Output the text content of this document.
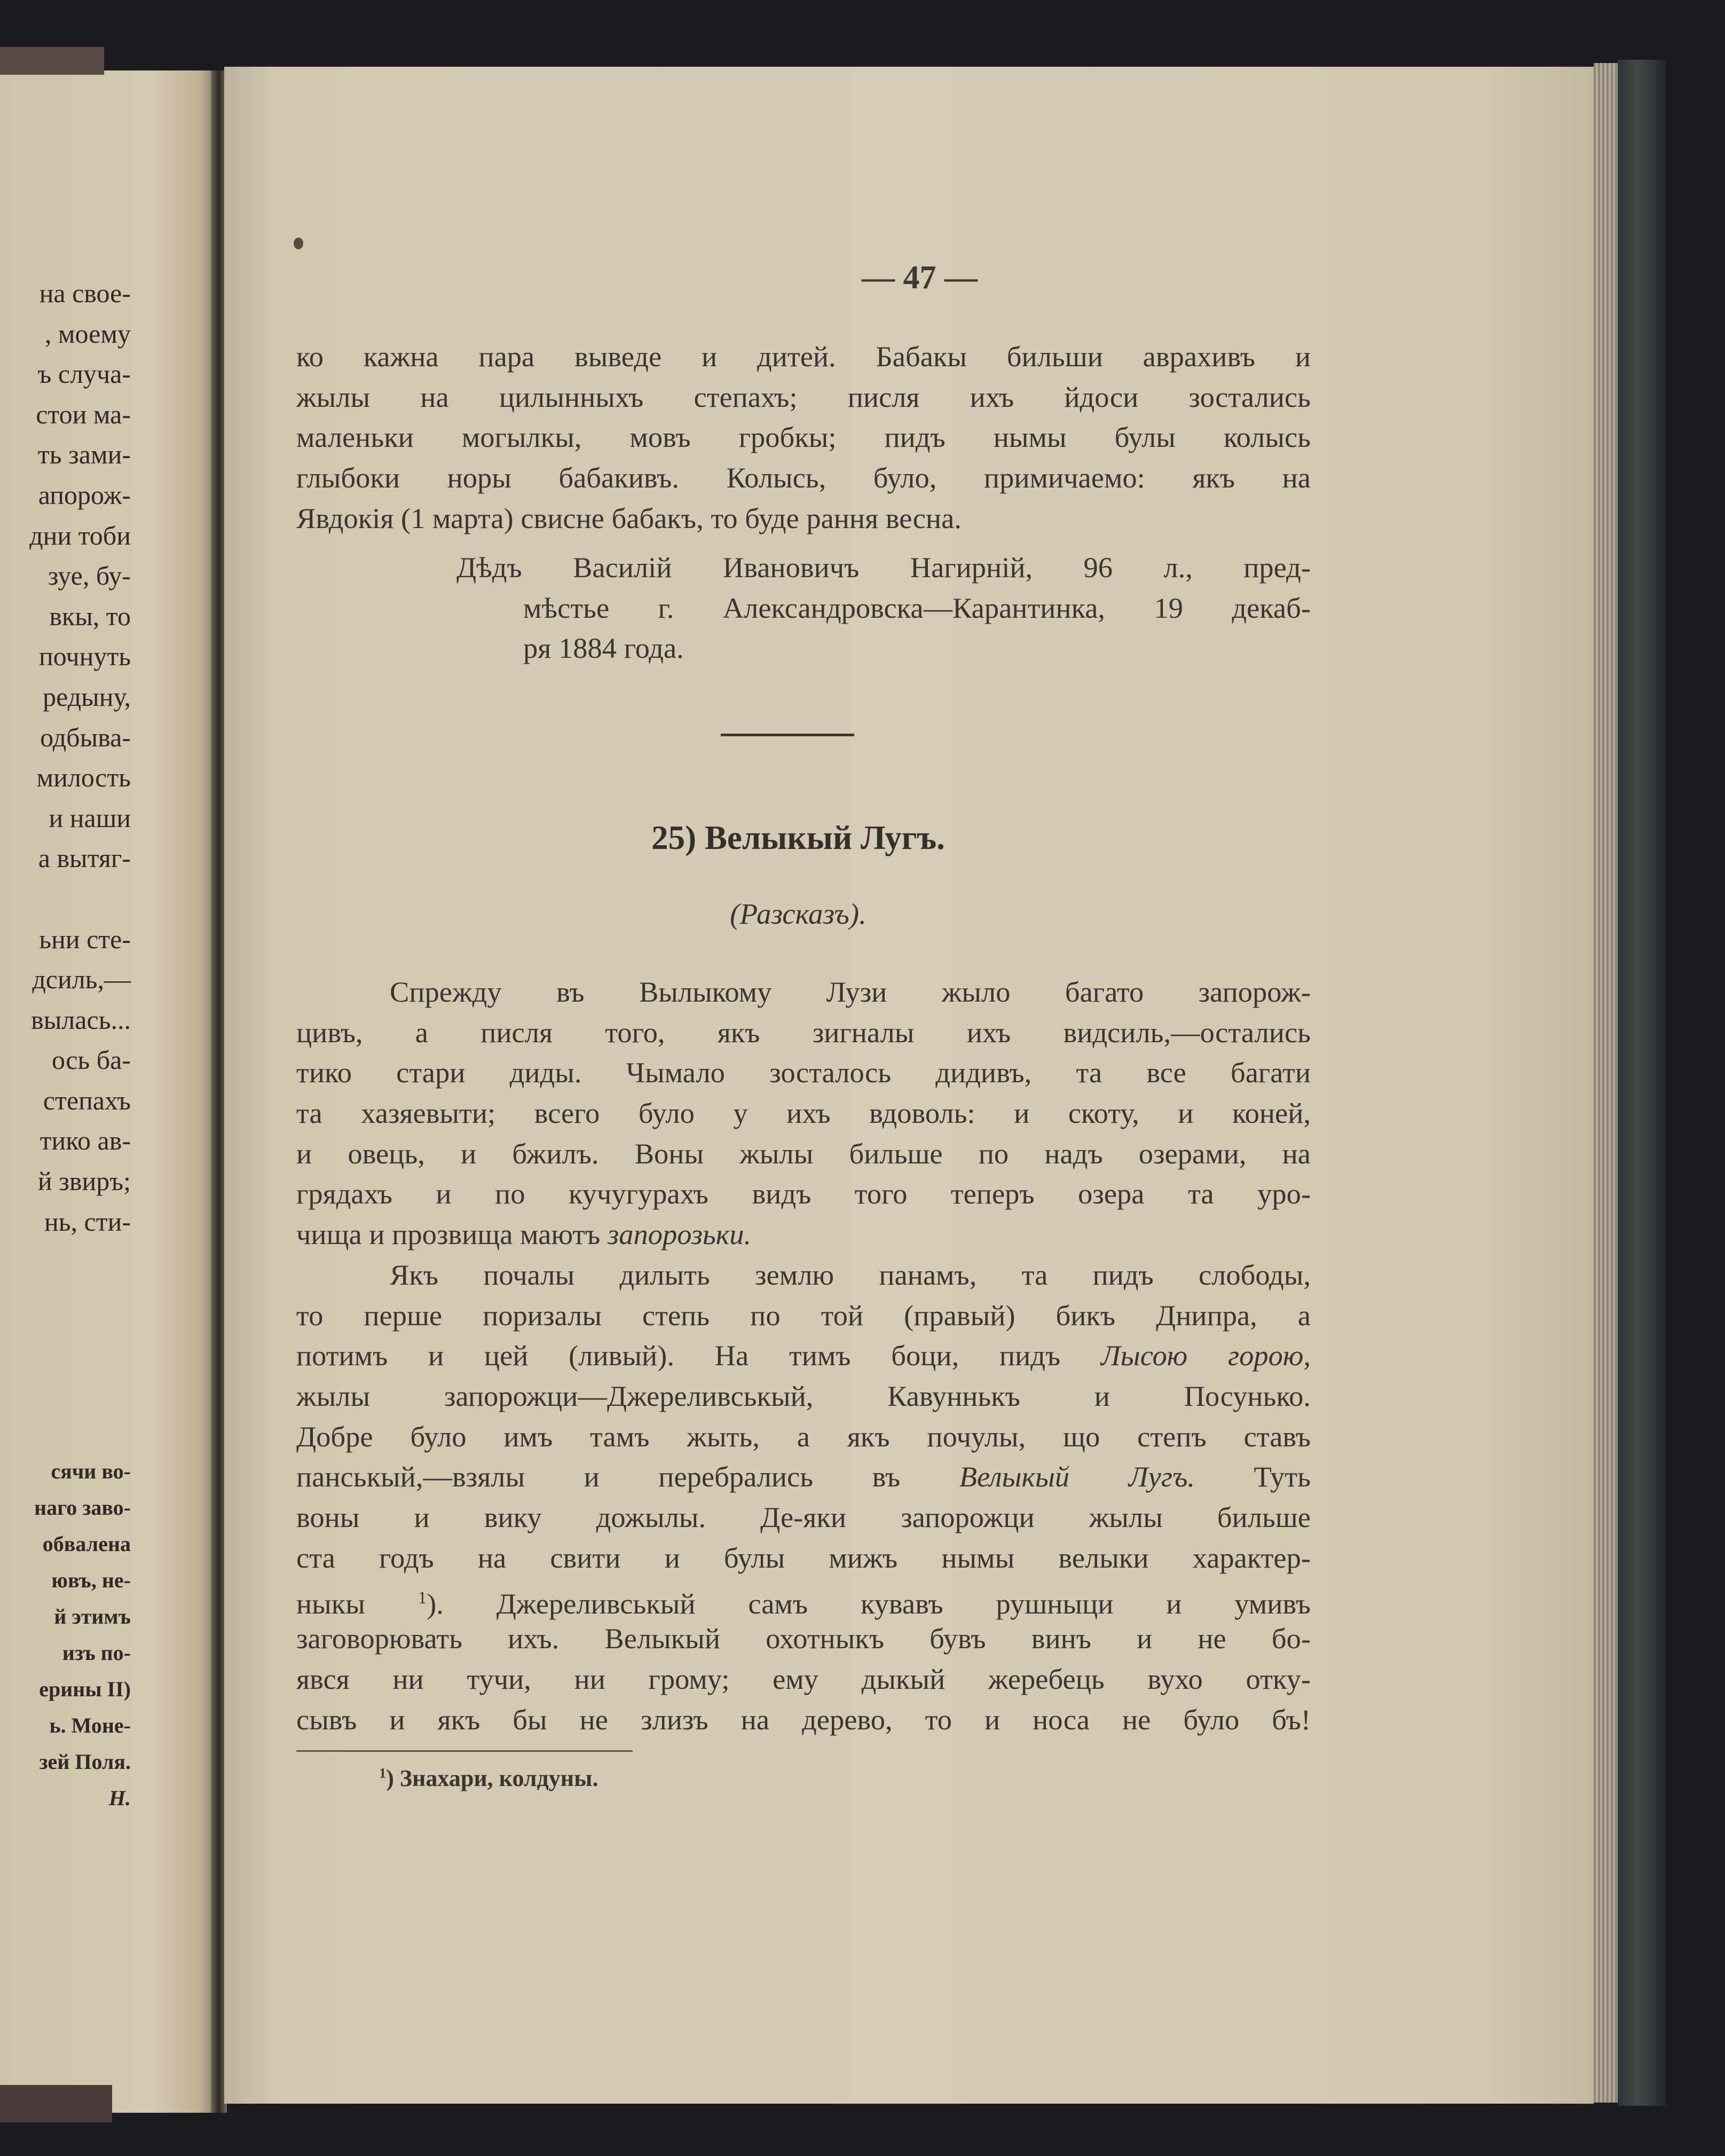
на свое-
, моему
ъ случа-
стои ма-
ть зами-
апорож-
дни тоби
зуе, бу-
вкы, то
почнуть
редыну,
одбыва-
милость
и наши
а вытяг-
ьни сте-
дсиль,—
вылась...
ось ба-
степахъ
тико ав-
й звиръ;
нь, сти-
сячи во-
наго заво-
обвалена
ювъ, не-
й этимъ
изъ по-
ерины II)
ь. Моне-
зей Поля.
Н.
— 47 —
ко кажна пара выведе и дитей. Бабакы бильши аврахивъ и
жылы на цилынныхъ степахъ; писля ихъ йдоси зостались
маленьки могылкы, мовъ гробкы; пидъ нымы булы колысь
глыбоки норы бабакивъ. Колысь, було, примичаемо: якъ на
Явдокія (1 марта) свисне бабакъ, то буде рання весна.
Дѣдъ Василій Ивановичъ Нагирній, 96 л., пред-
мѣстье г. Александровска—Карантинка, 19 декаб-
ря 1884 года.
25) Велыкый Лугъ.
(Разсказъ).
Спрежду въ Вылыкому Лузи жыло багато запорож-
цивъ, а писля того, якъ зигналы ихъ видсиль,—остались
тико стари диды. Чымало зосталось дидивъ, та все багати
та хазяевыти; всего було у ихъ вдоволь: и скоту, и коней,
и овець, и бжилъ. Воны жылы бильше по надъ озерами, на
грядахъ и по кучугурахъ видъ того теперъ озера та уро-
чища и прозвища маютъ запорозьки.
Якъ почалы дилыть землю панамъ, та пидъ слободы,
то перше поризалы степь по той (правый) бикъ Днипра, а
потимъ и цей (ливый). На тимъ боци, пидъ Лысою горою,
жылы запорожци—Джереливськый, Кавуннькъ и Посунько.
Добре було имъ тамъ жыть, а якъ почулы, що степъ ставъ
панськый,—взялы и перебрались въ Велыкый Лугъ. Туть
воны и вику дожылы. Де-яки запорожци жылы бильше
ста годъ на свити и булы мижъ нымы велыки характер-
ныкы $^1$). Джереливськый самъ кувавъ рушныци и умивъ
заговорювать ихъ. Велыкый охотныкъ бувъ винъ и не бо-
явся ни тучи, ни грому; ему дыкый жеребець вухо отку-
сывъ и якъ бы не злизъ на дерево, то и носа не було бъ!
$^1$) Знахари, колдуны.
